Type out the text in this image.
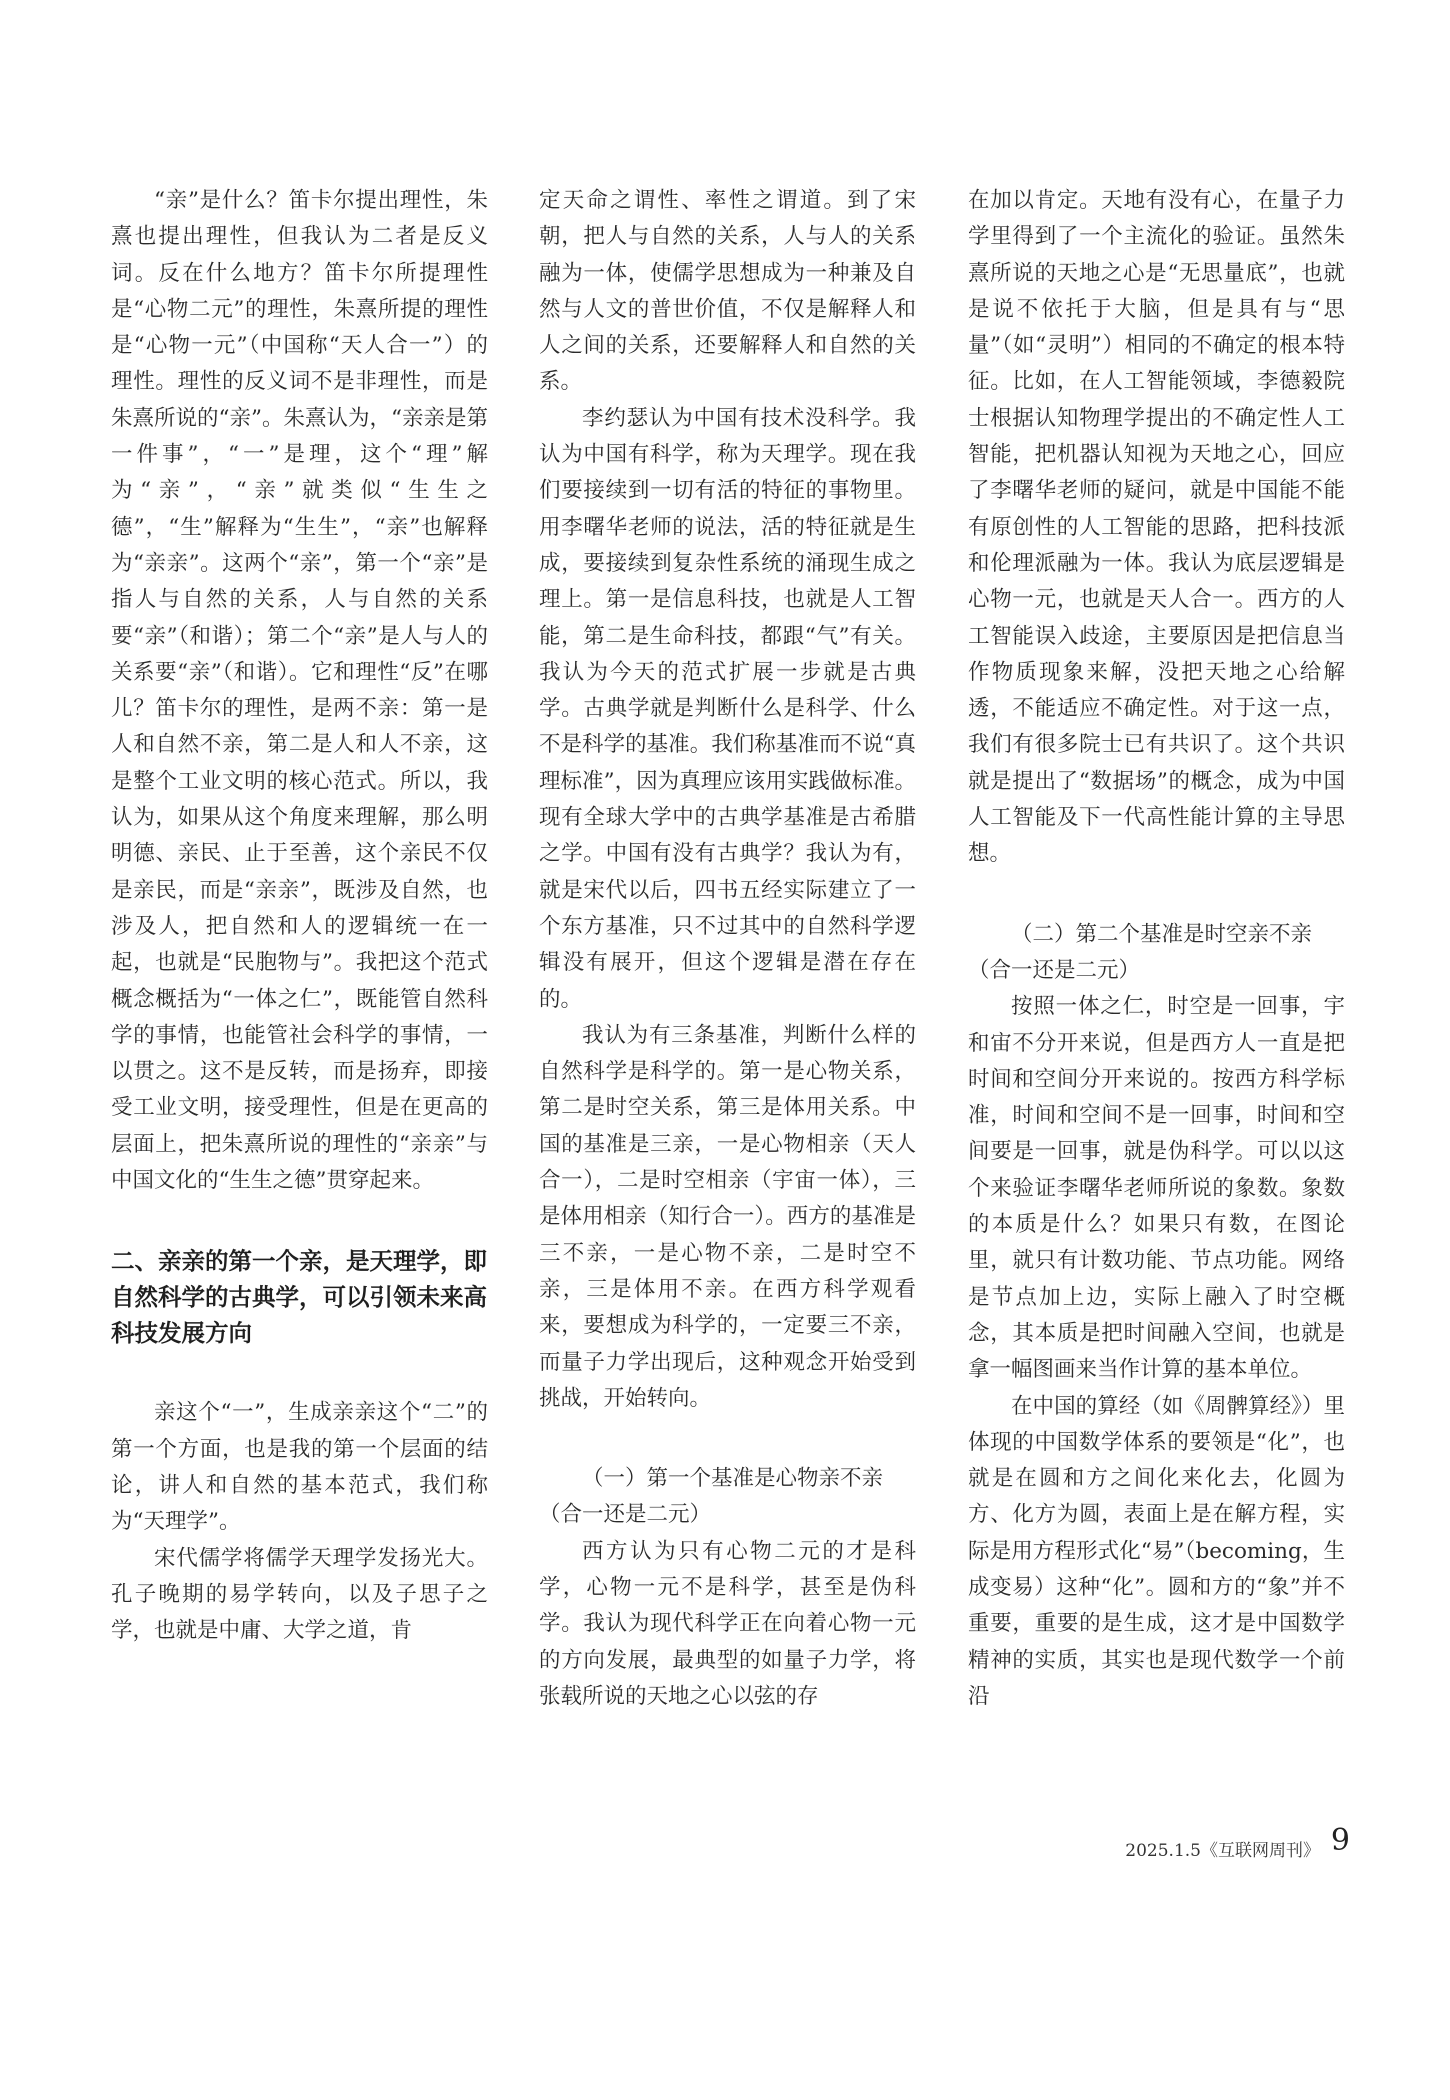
“亲”是什么？笛卡尔提出理性，朱熹也提出理性，但我认为二者是反义词。反在什么地方？笛卡尔所提理性是“心物二元”的理性，朱熹所提的理性是“心物一元”（中国称“天人合一”）的理性。理性的反义词不是非理性，而是朱熹所说的“亲”。朱熹认为，“亲亲是第一件事”，“一”是理，这个“理”解为“亲”，“亲”就类似“生生之德”，“生”解释为“生生”，“亲”也解释为“亲亲”。这两个“亲”，第一个“亲”是指人与自然的关系，人与自然的关系要“亲”（和谐）；第二个“亲”是人与人的关系要“亲”（和谐）。它和理性“反”在哪儿？笛卡尔的理性，是两不亲：第一是人和自然不亲，第二是人和人不亲，这是整个工业文明的核心范式。所以，我认为，如果从这个角度来理解，那么明明德、亲民、止于至善，这个亲民不仅是亲民，而是“亲亲”，既涉及自然，也涉及人，把自然和人的逻辑统一在一起，也就是“民胞物与”。我把这个范式概念概括为“一体之仁”，既能管自然科学的事情，也能管社会科学的事情，一以贯之。这不是反转，而是扬弃，即接受工业文明，接受理性，但是在更高的层面上，把朱熹所说的理性的“亲亲”与中国文化的“生生之德”贯穿起来。

二、亲亲的第一个亲，是天理学，即自然科学的古典学，可以引领未来高科技发展方向

亲这个“一”，生成亲亲这个“二”的第一个方面，也是我的第一个层面的结论，讲人和自然的基本范式，我们称为“天理学”。

宋代儒学将儒学天理学发扬光大。孔子晚期的易学转向，以及子思子之学，也就是中庸、大学之道，肯

定天命之谓性、率性之谓道。到了宋朝，把人与自然的关系，人与人的关系融为一体，使儒学思想成为一种兼及自然与人文的普世价值，不仅是解释人和人之间的关系，还要解释人和自然的关系。

李约瑟认为中国有技术没科学。我认为中国有科学，称为天理学。现在我们要接续到一切有活的特征的事物里。用李曙华老师的说法，活的特征就是生成，要接续到复杂性系统的涌现生成之理上。第一是信息科技，也就是人工智能，第二是生命科技，都跟“气”有关。我认为今天的范式扩展一步就是古典学。古典学就是判断什么是科学、什么不是科学的基准。我们称基准而不说“真理标准”，因为真理应该用实践做标准。现有全球大学中的古典学基准是古希腊之学。中国有没有古典学？我认为有，就是宋代以后，四书五经实际建立了一个东方基准，只不过其中的自然科学逻辑没有展开，但这个逻辑是潜在存在的。

我认为有三条基准，判断什么样的自然科学是科学的。第一是心物关系，第二是时空关系，第三是体用关系。中国的基准是三亲，一是心物相亲（天人合一），二是时空相亲（宇宙一体），三是体用相亲（知行合一）。西方的基准是三不亲，一是心物不亲，二是时空不亲，三是体用不亲。在西方科学观看来，要想成为科学的，一定要三不亲，而量子力学出现后，这种观念开始受到挑战，开始转向。

（一）第一个基准是心物亲不亲（合一还是二元）

西方认为只有心物二元的才是科学，心物一元不是科学，甚至是伪科学。我认为现代科学正在向着心物一元的方向发展，最典型的如量子力学，将张载所说的天地之心以弦的存

在加以肯定。天地有没有心，在量子力学里得到了一个主流化的验证。虽然朱熹所说的天地之心是“无思量底”，也就是说不依托于大脑，但是具有与“思量”（如“灵明”）相同的不确定的根本特征。比如，在人工智能领域，李德毅院士根据认知物理学提出的不确定性人工智能，把机器认知视为天地之心，回应了李曙华老师的疑问，就是中国能不能有原创性的人工智能的思路，把科技派和伦理派融为一体。我认为底层逻辑是心物一元，也就是天人合一。西方的人工智能误入歧途，主要原因是把信息当作物质现象来解，没把天地之心给解透，不能适应不确定性。对于这一点，我们有很多院士已有共识了。这个共识就是提出了“数据场”的概念，成为中国人工智能及下一代高性能计算的主导思想。

（二）第二个基准是时空亲不亲（合一还是二元）

按照一体之仁，时空是一回事，宇和宙不分开来说，但是西方人一直是把时间和空间分开来说的。按西方科学标准，时间和空间不是一回事，时间和空间要是一回事，就是伪科学。可以以这个来验证李曙华老师所说的象数。象数的本质是什么？如果只有数，在图论里，就只有计数功能、节点功能。网络是节点加上边，实际上融入了时空概念，其本质是把时间融入空间，也就是拿一幅图画来当作计算的基本单位。

在中国的算经（如《周髀算经》）里体现的中国数学体系的要领是“化”，也就是在圆和方之间化来化去，化圆为方、化方为圆，表面上是在解方程，实际是用方程形式化“易”（becoming，生成变易）这种“化”。圆和方的“象”并不重要，重要的是生成，这才是中国数学精神的实质，其实也是现代数学一个前沿

2025.1.5《互联网周刊》 9
